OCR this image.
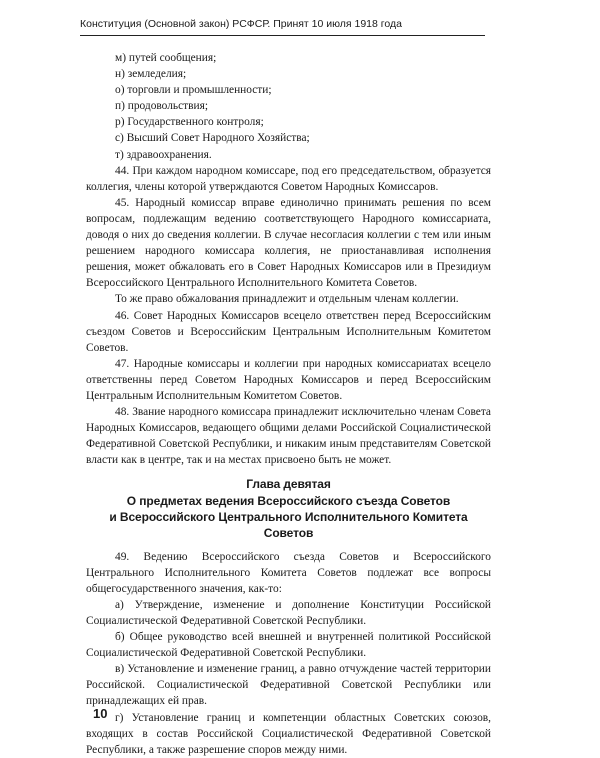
Конституция (Основной закон) РСФСР. Принят 10 июля 1918 года
м) путей сообщения;
н) земледелия;
о) торговли и промышленности;
п) продовольствия;
р) Государственного контроля;
с) Высший Совет Народного Хозяйства;
т) здравоохранения.

44. При каждом народном комиссаре, под его председательством, образуется коллегия, члены которой утверждаются Советом Народных Комиссаров.

45. Народный комиссар вправе единолично принимать решения по всем вопросам, подлежащим ведению соответствующего Народного комиссариата, доводя о них до сведения коллегии. В случае несогласия коллегии с тем или иным решением народного комиссара коллегия, не приостанавливая исполнения решения, может обжаловать его в Совет Народных Комиссаров или в Президиум Всероссийского Центрального Исполнительного Комитета Советов.

То же право обжалования принадлежит и отдельным членам коллегии.

46. Совет Народных Комиссаров всецело ответствен перед Всероссийским съездом Советов и Всероссийским Центральным Исполнительным Комитетом Советов.

47. Народные комиссары и коллегии при народных комиссариатах всецело ответственны перед Советом Народных Комиссаров и перед Всероссийским Центральным Исполнительным Комитетом Советов.

48. Звание народного комиссара принадлежит исключительно членам Совета Народных Комиссаров, ведающего общими делами Российской Социалистической Федеративной Советской Республики, и никаким иным представителям Советской власти как в центре, так и на местах присвоено быть не может.

Глава девятая
О предметах ведения Всероссийского съезда Советов
и Всероссийского Центрального Исполнительного Комитета Советов

49. Ведению Всероссийского съезда Советов и Всероссийского Центрального Исполнительного Комитета Советов подлежат все вопросы общегосударственного значения, как-то:

а) Утверждение, изменение и дополнение Конституции Российской Социалистической Федеративной Советской Республики.

б) Общее руководство всей внешней и внутренней политикой Российской Социалистической Федеративной Советской Республики.

в) Установление и изменение границ, а равно отчуждение частей территории Российской. Социалистической Федеративной Советской Республики или принадлежащих ей прав.

г) Установление границ и компетенции областных Советских союзов, входящих в состав Российской Социалистической Федеративной Советской Республики, а также разрешение споров между ними.

10
